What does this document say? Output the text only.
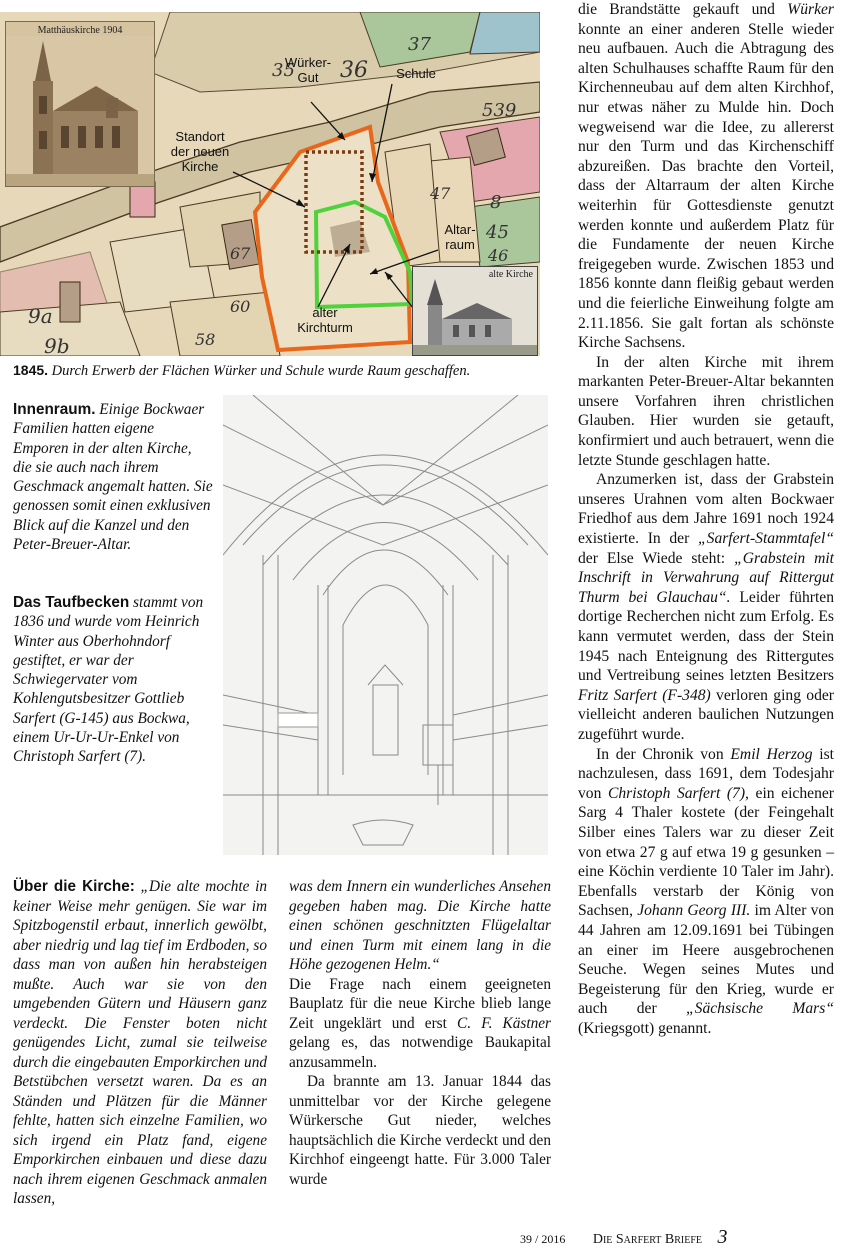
36
35
539
37
8
45
67	46
9a
9b	58
60
47
Würker-
Gut	Schule
Standort
der neuen
Kirche
Altar-
raum
alter
Kirchturm
Matthäuskirche 1904
alte Kirche
1845. Durch Erwerb der Flächen Würker und Schule wurde Raum geschaffen.
Innenraum. Einige Bockwaer Familien hatten eigene Emporen in der alten Kirche, die sie auch nach ihrem Geschmack angemalt hatten. Sie genossen somit einen exklusiven Blick auf die Kanzel und den Peter-Breuer-Altar.
Das Taufbecken stammt von 1836 und wurde vom Heinrich Winter aus Oberhohndorf gestiftet, er war der Schwiegervater vom Kohlengutsbesitzer Gottlieb Sarfert (G-145) aus Bockwa, einem Ur-Ur-Ur-Enkel von Christoph Sarfert (7).
Über die Kirche: „Die alte mochte in keiner Weise mehr genügen. Sie war im Spitzbogenstil erbaut, innerlich gewölbt, aber niedrig und lag tief im Erdboden, so dass man von außen hin herabsteigen mußte. Auch war sie von den umgebenden Gütern und Häusern ganz verdeckt. Die Fenster boten nicht genügendes Licht, zumal sie teilweise durch die eingebauten Emporkirchen und Betstübchen versetzt waren. Da es an Ständen und Plätzen für die Männer fehlte, hatten sich einzelne Familien, wo sich irgend ein Platz fand, eigene Emporkirchen einbauen und diese dazu nach ihrem eigenen Geschmack anmalen lassen,

was dem Innern ein wunderliches Ansehen gegeben haben mag. Die Kirche hatte einen schönen geschnitzten Flügelaltar und einen Turm mit einem lang in die Höhe gezogenen Helm.“

Die Frage nach einem geeigneten Bauplatz für die neue Kirche blieb lange Zeit ungeklärt und erst C. F. Kästner gelang es, das notwendige Baukapital anzusammeln.

Da brannte am 13. Januar 1844 das unmittelbar vor der Kirche gelegene Würkersche Gut nieder, welches hauptsächlich die Kirche verdeckt und den Kirchhof eingeengt hatte. Für 3.000 Taler wurde

die Brandstätte gekauft und Würker konnte an einer anderen Stelle wieder neu aufbauen. Auch die Abtragung des alten Schulhauses schaffte Raum für den Kirchenneubau auf dem alten Kirchhof, nur etwas näher zu Mulde hin. Doch wegweisend war die Idee, zu allererst nur den Turm und das Kirchenschiff abzureißen. Das brachte den Vorteil, dass der Altarraum der alten Kirche weiterhin für Gottesdienste genutzt werden konnte und außerdem Platz für die Fundamente der neuen Kirche freigegeben wurde. Zwischen 1853 und 1856 konnte dann fleißig gebaut werden und die feierliche Einweihung folgte am 2.11.1856. Sie galt fortan als schönste Kirche Sachsens.

In der alten Kirche mit ihrem markanten Peter-Breuer-Altar bekannten unsere Vorfahren ihren christlichen Glauben. Hier wurden sie getauft, konfirmiert und auch betrauert, wenn die letzte Stunde geschlagen hatte.

Anzumerken ist, dass der Grabstein unseres Urahnen vom alten Bockwaer Friedhof aus dem Jahre 1691 noch 1924 existierte. In der „Sarfert-Stammtafel“ der Else Wiede steht: „Grabstein mit Inschrift in Verwahrung auf Rittergut Thurm bei Glauchau“. Leider führten dortige Recherchen nicht zum Erfolg. Es kann vermutet werden, dass der Stein 1945 nach Enteignung des Rittergutes und Vertreibung seines letzten Besitzers Fritz Sarfert (F-348) verloren ging oder vielleicht anderen baulichen Nutzungen zugeführt wurde.

In der Chronik von Emil Herzog ist nachzulesen, dass 1691, dem Todesjahr von Christoph Sarfert (7), ein eichener Sarg 4 Thaler kostete (der Feingehalt Silber eines Talers war zu dieser Zeit von etwa 27 g auf etwa 19 g gesunken – eine Köchin verdiente 10 Taler im Jahr). Ebenfalls verstarb der König von Sachsen, Johann Georg III. im Alter von 44 Jahren am 12.09.1691 bei Tübingen an einer im Heere ausgebrochenen Seuche. Wegen seines Mutes und Begeisterung für den Krieg, wurde er auch der „Sächsische Mars“ (Kriegsgott) genannt.

39 / 2016 Die Sarfert Briefe 3
